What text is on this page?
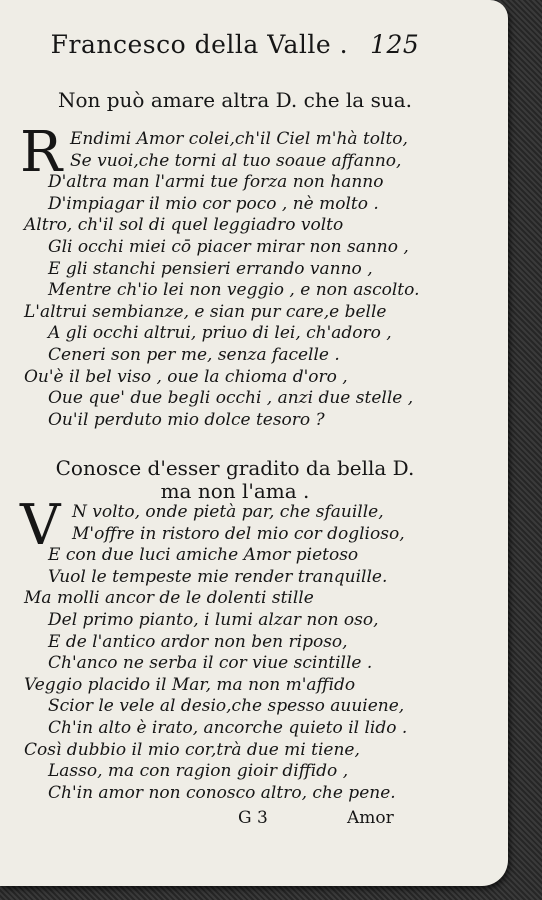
Francesco della Valle . 125
Non può amare altra D. che la sua.
R Endimi Amor colei,ch'il Ciel m'hà tolto,
Se vuoi,che torni al tuo soaue affanno,
D'altra man l'armi tue forza non hanno
D'impiagar il mio cor poco , nè molto .
Altro, ch'il sol di quel leggiadro volto
Gli occhi miei cō piacer mirar non sanno ,
E gli stanchi pensieri errando vanno ,
Mentre ch'io lei non veggio , e non ascolto.
L'altrui sembianze, e sian pur care,e belle
A gli occhi altrui, priuo di lei, ch'adoro ,
Ceneri son per me, senza facelle .
Ou'è il bel viso , oue la chioma d'oro ,
Oue que' due begli occhi , anzi due stelle ,
Ou'il perduto mio dolce tesoro ?
Conosce d'esser gradito da bella D.
ma non l'ama .
V N volto, onde pietà par, che sfauille,
M'offre in ristoro del mio cor doglioso,
E con due luci amiche Amor pietoso
Vuol le tempeste mie render tranquille.
Ma molli ancor de le dolenti stille
Del primo pianto, i lumi alzar non oso,
E de l'antico ardor non ben riposo,
Ch'anco ne serba il cor viue scintille .
Veggio placido il Mar, ma non m'affido
Scior le vele al desio,che spesso auuiene,
Ch'in alto è irato, ancorche quieto il lido .
Così dubbio il mio cor,trà due mi tiene,
Lasso, ma con ragion gioir diffido ,
Ch'in amor non conosco altro, che pene.
G 3	Amor
